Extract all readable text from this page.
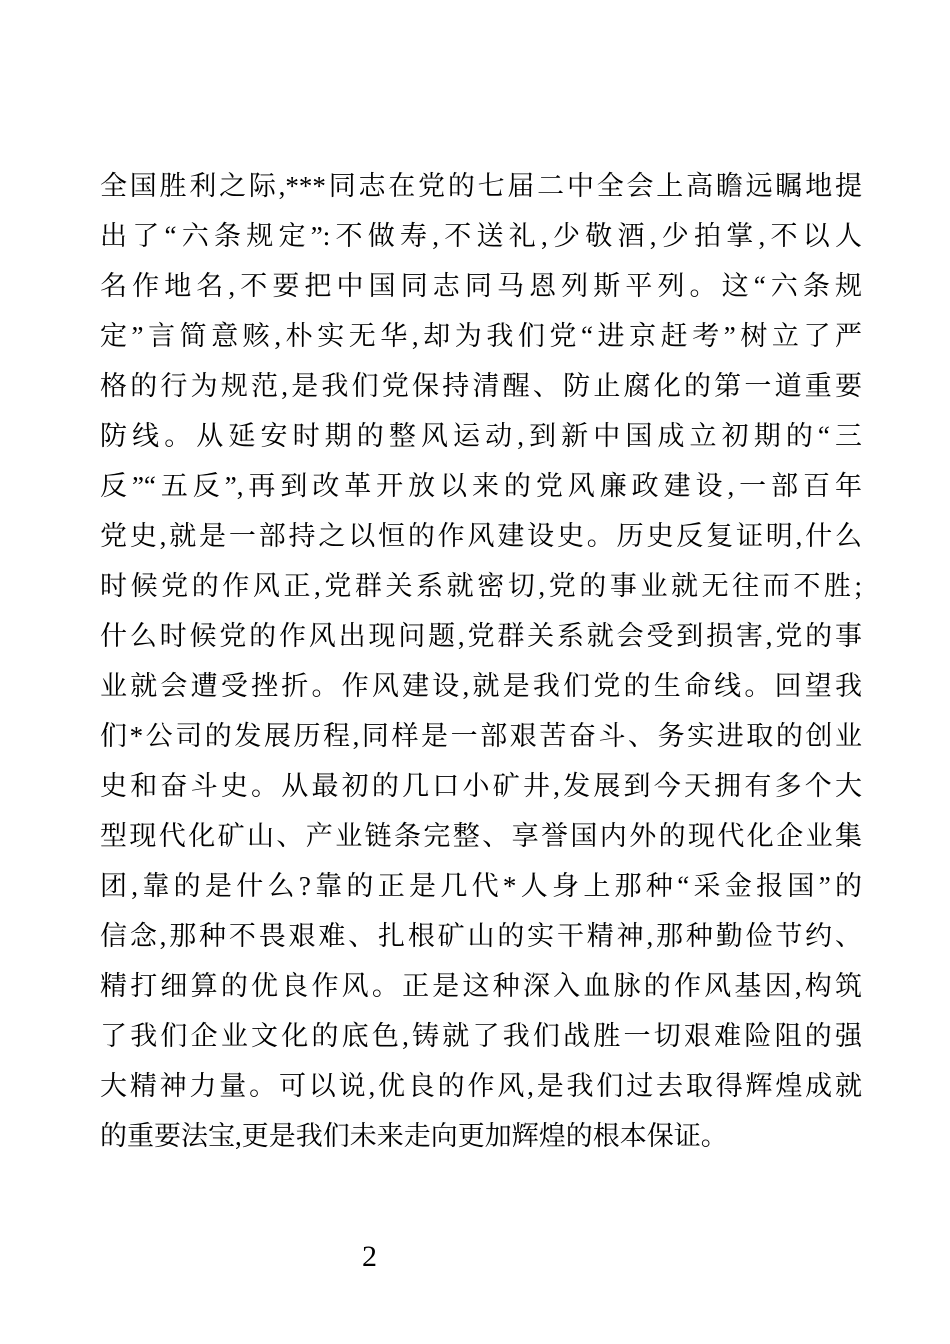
全国胜利之际,***同志在党的七届二中全会上高瞻远瞩地提
出了“六条规定”:不做寿,不送礼,少敬酒,少拍掌,不以人
名作地名,不要把中国同志同马恩列斯平列。这“六条规
定”言简意赅,朴实无华,却为我们党“进京赶考”树立了严
格的行为规范,是我们党保持清醒、防止腐化的第一道重要
防线。从延安时期的整风运动,到新中国成立初期的“三
反”“五反”,再到改革开放以来的党风廉政建设,一部百年
党史,就是一部持之以恒的作风建设史。历史反复证明,什么
时候党的作风正,党群关系就密切,党的事业就无往而不胜;
什么时候党的作风出现问题,党群关系就会受到损害,党的事
业就会遭受挫折。作风建设,就是我们党的生命线。回望我
们*公司的发展历程,同样是一部艰苦奋斗、务实进取的创业
史和奋斗史。从最初的几口小矿井,发展到今天拥有多个大
型现代化矿山、产业链条完整、享誉国内外的现代化企业集
团,靠的是什么?靠的正是几代*人身上那种“采金报国”的
信念,那种不畏艰难、扎根矿山的实干精神,那种勤俭节约、
精打细算的优良作风。正是这种深入血脉的作风基因,构筑
了我们企业文化的底色,铸就了我们战胜一切艰难险阻的强
大精神力量。可以说,优良的作风,是我们过去取得辉煌成就
的重要法宝,更是我们未来走向更加辉煌的根本保证。
2
